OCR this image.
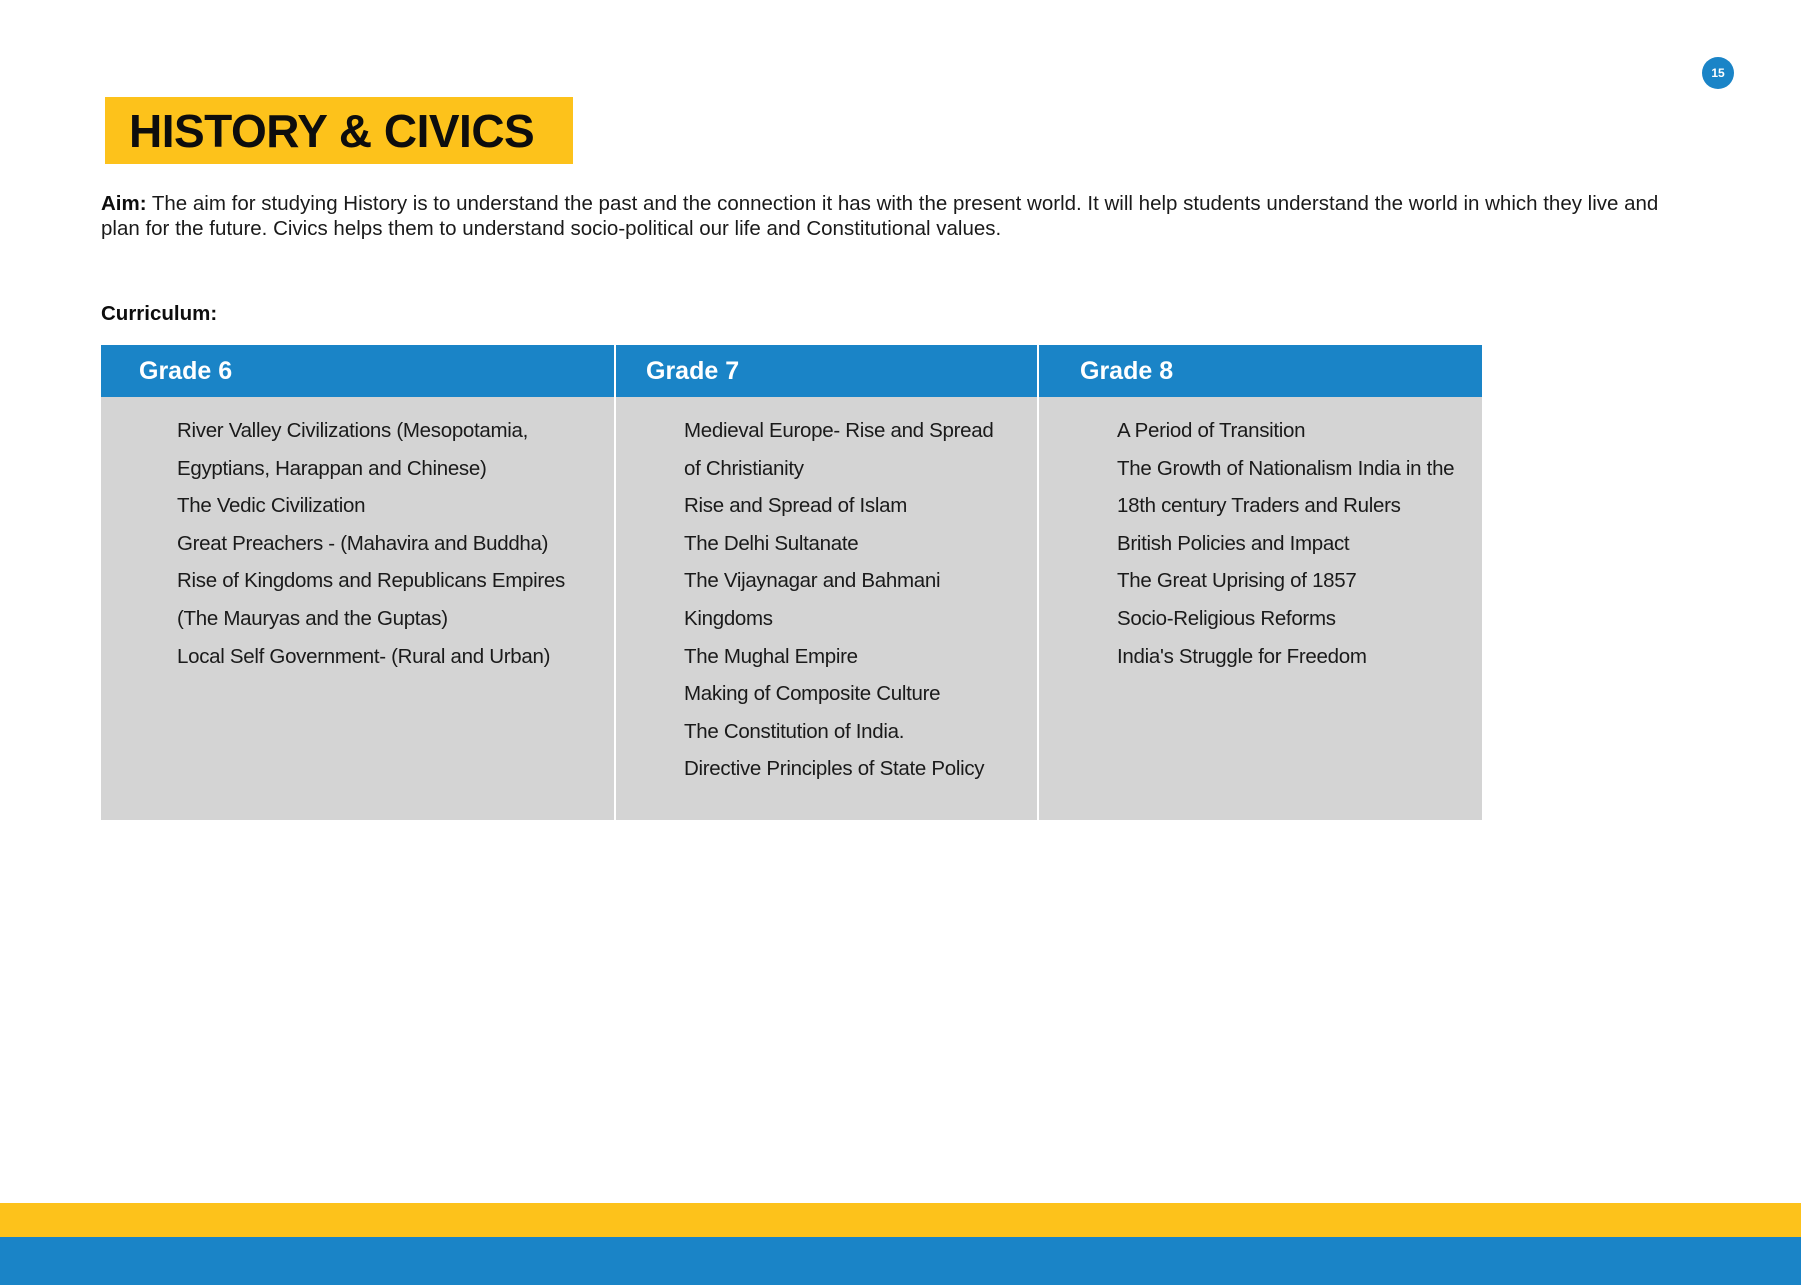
15
HISTORY & CIVICS

Aim: The aim for studying History is to understand the past and the connection it has with the present world. It will help students understand the world in which they live and plan for the future. Civics helps them to understand socio-political our life and Constitutional values.

Curriculum:
Grade 6
River Valley Civilizations (Mesopotamia,
Egyptians, Harappan and Chinese)
The Vedic Civilization
Great Preachers - (Mahavira and Buddha)
Rise of Kingdoms and Republicans Empires
(The Mauryas and the Guptas)
Local Self Government- (Rural and Urban)
Grade 7
Medieval Europe- Rise and Spread
of Christianity
Rise and Spread of Islam
The Delhi Sultanate
The Vijaynagar and Bahmani
Kingdoms
The Mughal Empire
Making of Composite Culture
The Constitution of India.
Directive Principles of State Policy
Grade 8
A Period of Transition
The Growth of Nationalism India in the
18th century Traders and Rulers
British Policies and Impact
The Great Uprising of 1857
Socio-Religious Reforms
India's Struggle for Freedom
